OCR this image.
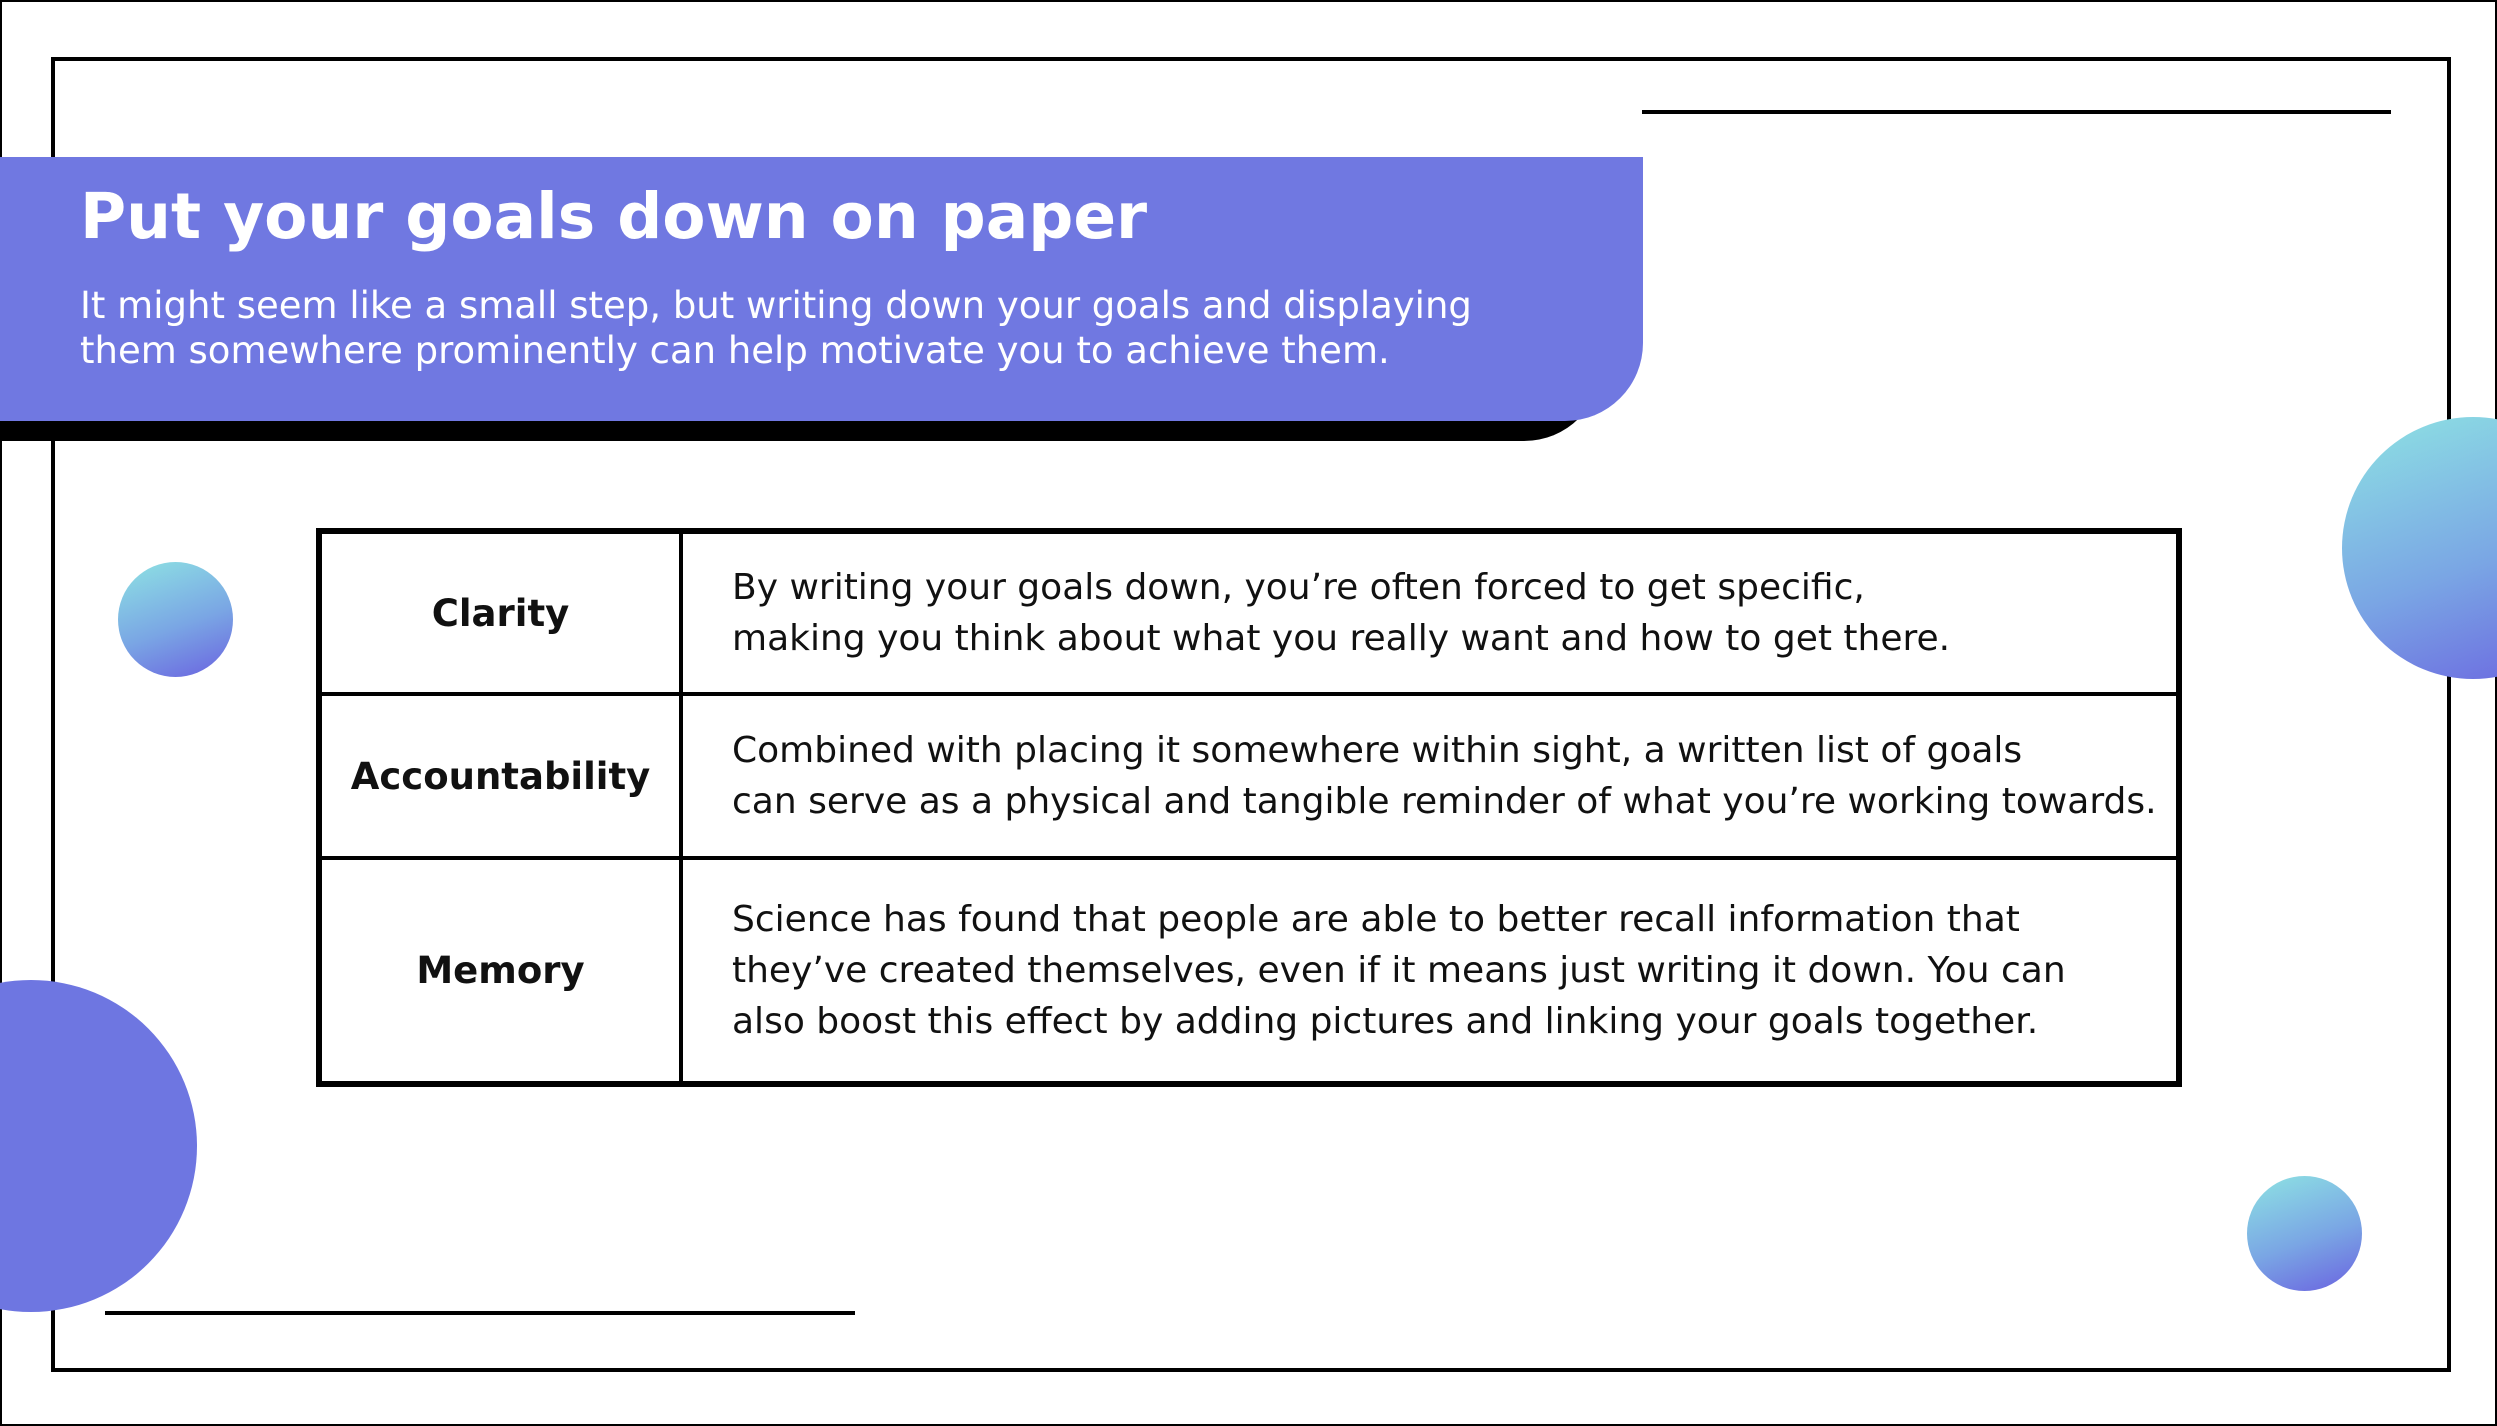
Put your goals down on paper
It might seem like a small step, but writing down your goals and displaying them somewhere prominently can help motivate you to achieve them.
Clarity	By writing your goals down, you’re often forced to get specific,
making you think about what you really want and how to get there.

Accountability	Combined with placing it somewhere within sight, a written list of goals
can serve as a physical and tangible reminder of what you’re working towards.

Memory	Science has found that people are able to better recall information that
they’ve created themselves, even if it means just writing it down. You can
also boost this effect by adding pictures and linking your goals together.
